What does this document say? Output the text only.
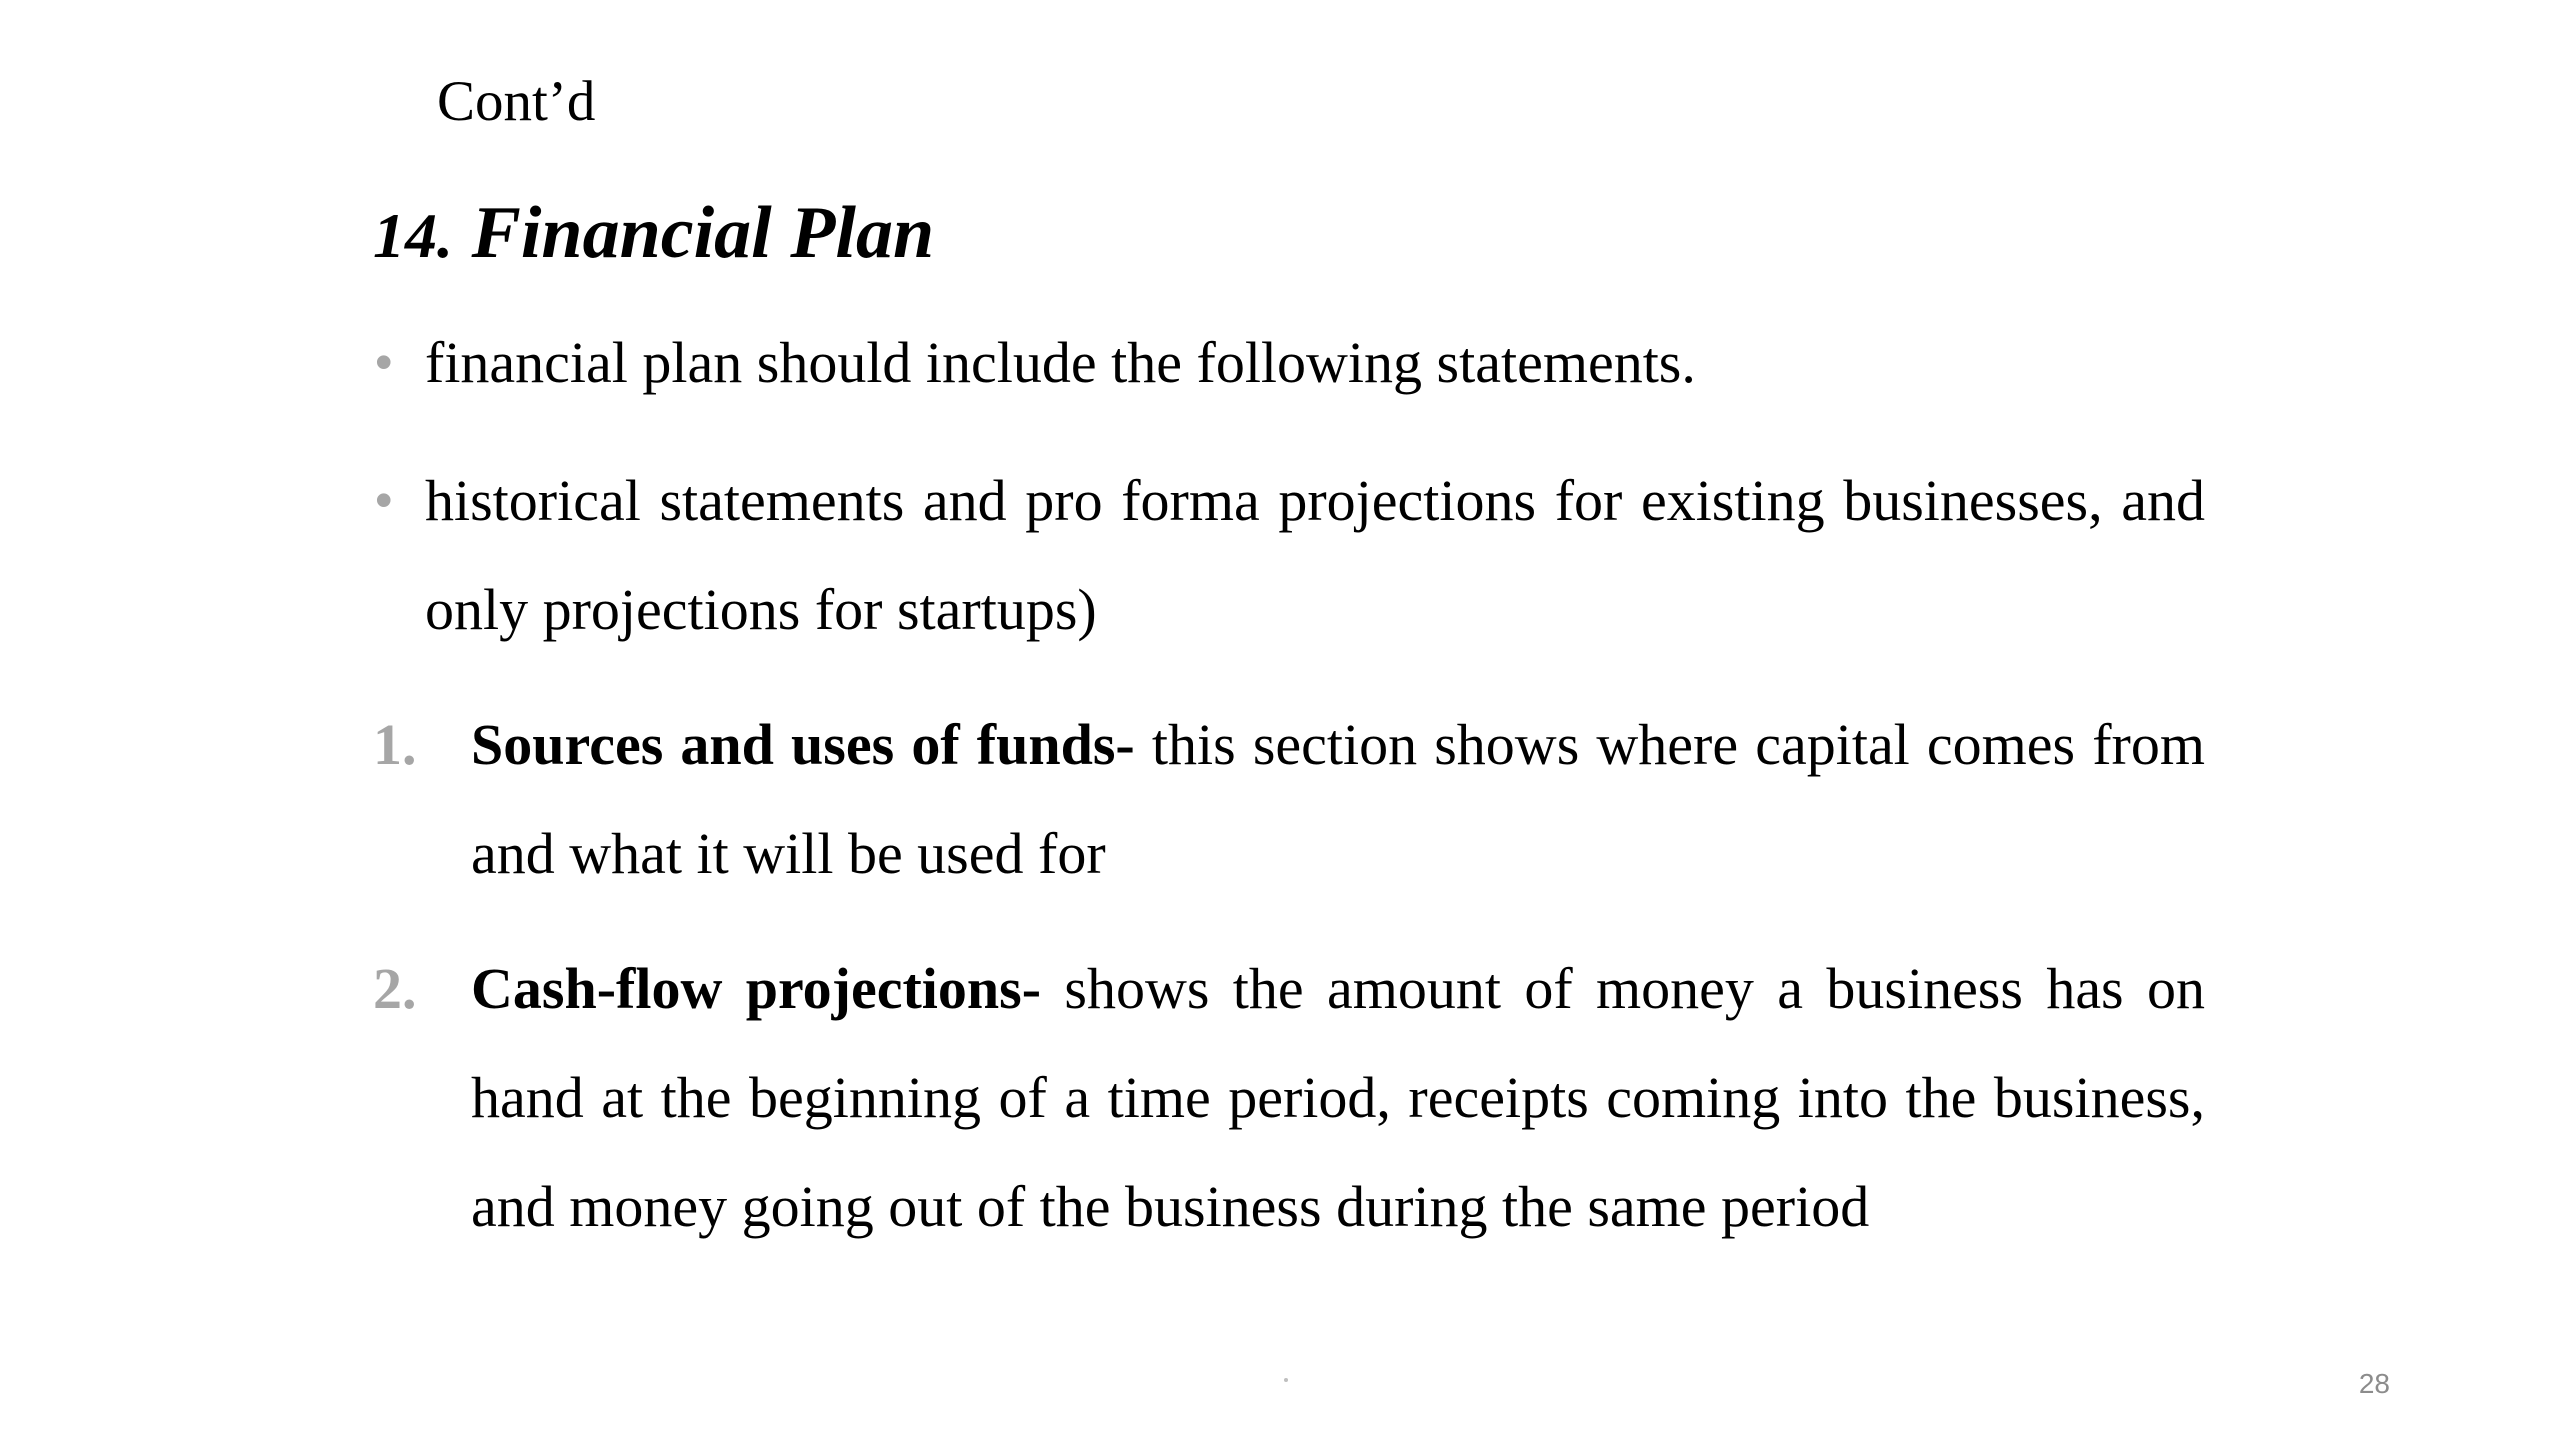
Cont’d
14. Financial Plan
• financial plan should include the following statements.
• historical statements and pro forma projections for existing businesses, and only projections for startups)
1. Sources and uses of funds- this section shows where capital comes from and what it will be used for
2. Cash-flow projections- shows the amount of money a business has on hand at the beginning of a time period, receipts coming into the business, and money going out of the business during the same period
28
